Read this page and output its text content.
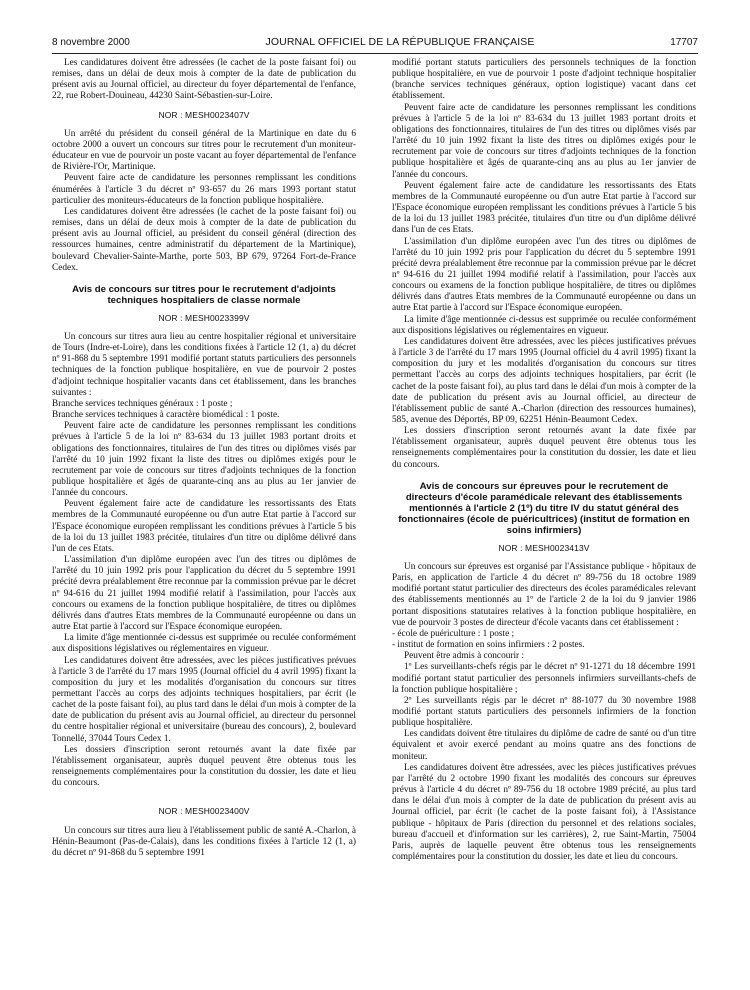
8 novembre 2000	JOURNAL OFFICIEL DE LA RÉPUBLIQUE FRANÇAISE	17707

Les candidatures doivent être adressées (le cachet de la poste faisant foi) ou remises, dans un délai de deux mois à compter de la date de publication du présent avis au Journal officiel, au directeur du foyer départemental de l'enfance, 22, rue Robert-Douineau, 44230 Saint-Sébastien-sur-Loire.

NOR : MESH0023407V

Un arrêté du président du conseil général de la Martinique en date du 6 octobre 2000 a ouvert un concours sur titres pour le recrutement d'un moniteur-éducateur en vue de pourvoir un poste vacant au foyer départemental de l'enfance de Rivière-l'Or, Martinique.

Peuvent faire acte de candidature les personnes remplissant les conditions énumérées à l'article 3 du décret nº 93-657 du 26 mars 1993 portant statut particulier des moniteurs-éducateurs de la fonction publique hospitalière.

Les candidatures doivent être adressées (le cachet de la poste faisant foi) ou remises, dans un délai de deux mois à compter de la date de publication du présent avis au Journal officiel, au président du conseil général (direction des ressources humaines, centre administratif du département de la Martinique), boulevard Chevalier-Sainte-Marthe, porte 503, BP 679, 97264 Fort-de-France Cedex.

Avis de concours sur titres pour le recrutement d'adjoints techniques hospitaliers de classe normale
NOR : MESH0023399V

Un concours sur titres aura lieu au centre hospitalier régional et universitaire de Tours (Indre-et-Loire), dans les conditions fixées à l'article 12 (1, a) du décret nº 91-868 du 5 septembre 1991 modifié portant statuts particuliers des personnels techniques de la fonction publique hospitalière, en vue de pourvoir 2 postes d'adjoint technique hospitalier vacants dans cet établissement, dans les branches suivantes :

Branche services techniques généraux : 1 poste ;

Branche services techniques à caractère biomédical : 1 poste.

Peuvent faire acte de candidature les personnes remplissant les conditions prévues à l'article 5 de la loi nº 83-634 du 13 juillet 1983 portant droits et obligations des fonctionnaires, titulaires de l'un des titres ou diplômes visés par l'arrêté du 10 juin 1992 fixant la liste des titres ou diplômes exigés pour le recrutement par voie de concours sur titres d'adjoints techniques de la fonction publique hospitalière et âgés de quarante-cinq ans au plus au 1er janvier de l'année du concours.

Peuvent également faire acte de candidature les ressortissants des Etats membres de la Communauté européenne ou d'un autre Etat partie à l'accord sur l'Espace économique européen remplissant les conditions prévues à l'article 5 bis de la loi du 13 juillet 1983 précitée, titulaires d'un titre ou diplôme délivré dans l'un de ces Etats.

L'assimilation d'un diplôme européen avec l'un des titres ou diplômes de l'arrêté du 10 juin 1992 pris pour l'application du décret du 5 septembre 1991 précité devra préalablement être reconnue par la commission prévue par le décret nº 94-616 du 21 juillet 1994 modifié relatif à l'assimilation, pour l'accès aux concours ou examens de la fonction publique hospitalière, de titres ou diplômes délivrés dans d'autres Etats membres de la Communauté européenne ou dans un autre Etat partie à l'accord sur l'Espace économique européen.

La limite d'âge mentionnée ci-dessus est supprimée ou reculée conformément aux dispositions législatives ou réglementaires en vigueur.

Les candidatures doivent être adressées, avec les pièces justificatives prévues à l'article 3 de l'arrêté du 17 mars 1995 (Journal officiel du 4 avril 1995) fixant la composition du jury et les modalités d'organisation du concours sur titres permettant l'accès au corps des adjoints techniques hospitaliers, par écrit (le cachet de la poste faisant foi), au plus tard dans le délai d'un mois à compter de la date de publication du présent avis au Journal officiel, au directeur du personnel du centre hospitalier régional et universitaire (bureau des concours), 2, boulevard Tonnellé, 37044 Tours Cedex 1.

Les dossiers d'inscription seront retournés avant la date fixée par l'établissement organisateur, auprès duquel peuvent être obtenus tous les renseignements complémentaires pour la constitution du dossier, les date et lieu du concours.

NOR : MESH0023400V

Un concours sur titres aura lieu à l'établissement public de santé A.-Charlon, à Hénin-Beaumont (Pas-de-Calais), dans les conditions fixées à l'article 12 (1, a) du décret nº 91-868 du 5 septembre 1991

modifié portant statuts particuliers des personnels techniques de la fonction publique hospitalière, en vue de pourvoir 1 poste d'adjoint technique hospitalier (branche services techniques généraux, option logistique) vacant dans cet établissement.

Peuvent faire acte de candidature les personnes remplissant les conditions prévues à l'article 5 de la loi nº 83-634 du 13 juillet 1983 portant droits et obligations des fonctionnaires, titulaires de l'un des titres ou diplômes visés par l'arrêté du 10 juin 1992 fixant la liste des titres ou diplômes exigés pour le recrutement par voie de concours sur titres d'adjoints techniques de la fonction publique hospitalière et âgés de quarante-cinq ans au plus au 1er janvier de l'année du concours.

Peuvent également faire acte de candidature les ressortissants des Etats membres de la Communauté européenne ou d'un autre Etat partie à l'accord sur l'Espace économique européen remplissant les conditions prévues à l'article 5 bis de la loi du 13 juillet 1983 précitée, titulaires d'un titre ou d'un diplôme délivré dans l'un de ces Etats.

L'assimilation d'un diplôme européen avec l'un des titres ou diplômes de l'arrêté du 10 juin 1992 pris pour l'application du décret du 5 septembre 1991 précité devra préalablement être reconnue par la commission prévue par le décret nº 94-616 du 21 juillet 1994 modifié relatif à l'assimilation, pour l'accès aux concours ou examens de la fonction publique hospitalière, de titres ou diplômes délivrés dans d'autres Etats membres de la Communauté européenne ou dans un autre Etat partie à l'accord sur l'Espace économique européen.

La limite d'âge mentionnée ci-dessus est supprimée ou reculée conformément aux dispositions législatives ou réglementaires en vigueur.

Les candidatures doivent être adressées, avec les pièces justificatives prévues à l'article 3 de l'arrêté du 17 mars 1995 (Journal officiel du 4 avril 1995) fixant la composition du jury et les modalités d'organisation du concours sur titres permettant l'accès au corps des adjoints techniques hospitaliers, par écrit (le cachet de la poste faisant foi), au plus tard dans le délai d'un mois à compter de la date de publication du présent avis au Journal officiel, au directeur de l'établissement public de santé A.-Charlon (direction des ressources humaines), 585, avenue des Déportés, BP 09, 62251 Hénin-Beaumont Cedex.

Les dossiers d'inscription seront retournés avant la date fixée par l'établissement organisateur, auprès duquel peuvent être obtenus tous les renseignements complémentaires pour la constitution du dossier, les date et lieu du concours.

Avis de concours sur épreuves pour le recrutement de directeurs d'école paramédicale relevant des établissements mentionnés à l'article 2 (1º) du titre IV du statut général des fonctionnaires (école de puéricultrices) (institut de formation en soins infirmiers)
NOR : MESH0023413V

Un concours sur épreuves est organisé par l'Assistance publique - hôpitaux de Paris, en application de l'article 4 du décret nº 89-756 du 18 octobre 1989 modifié portant statut particulier des directeurs des écoles paramédicales relevant des établissements mentionnés au 1º de l'article 2 de la loi du 9 janvier 1986 portant dispositions statutaires relatives à la fonction publique hospitalière, en vue de pourvoir 3 postes de directeur d'école vacants dans cet établissement :

- école de puériculture : 1 poste ;

- institut de formation en soins infirmiers : 2 postes.

Peuvent être admis à concourir :

1º Les surveillants-chefs régis par le décret nº 91-1271 du 18 décembre 1991 modifié portant statut particulier des personnels infirmiers surveillants-chefs de la fonction publique hospitalière ;

2º Les surveillants régis par le décret nº 88-1077 du 30 novembre 1988 modifié portant statuts particuliers des personnels infirmiers de la fonction publique hospitalière.

Les candidats doivent être titulaires du diplôme de cadre de santé ou d'un titre équivalent et avoir exercé pendant au moins quatre ans des fonctions de moniteur.

Les candidatures doivent être adressées, avec les pièces justificatives prévues par l'arrêté du 2 octobre 1990 fixant les modalités des concours sur épreuves prévus à l'article 4 du décret nº 89-756 du 18 octobre 1989 précité, au plus tard dans le délai d'un mois à compter de la date de publication du présent avis au Journal officiel, par écrit (le cachet de la poste faisant foi), à l'Assistance publique - hôpitaux de Paris (direction du personnel et des relations sociales, bureau d'accueil et d'information sur les carrières), 2, rue Saint-Martin, 75004 Paris, auprès de laquelle peuvent être obtenus tous les renseignements complémentaires pour la constitution du dossier, les date et lieu du concours.
